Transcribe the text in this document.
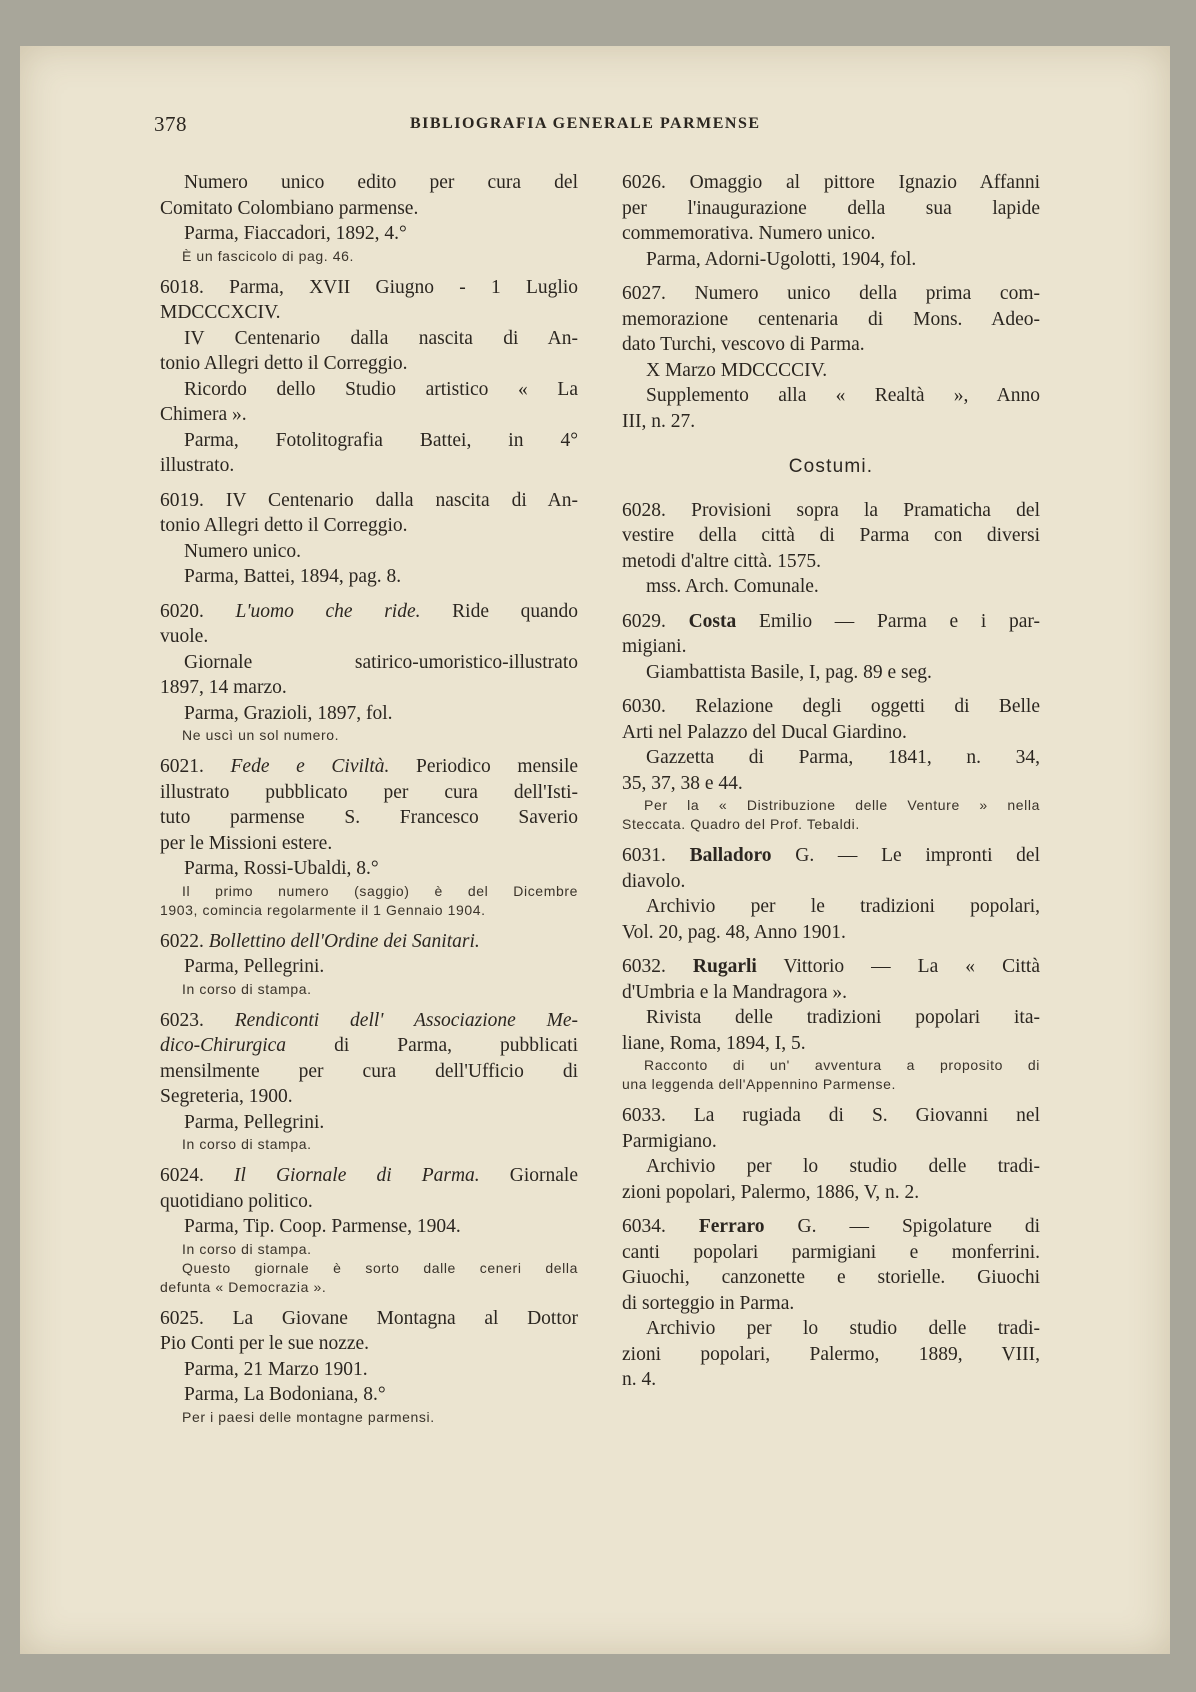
378	BIBLIOGRAFIA GENERALE PARMENSE
Numero unico edito per cura del
Comitato Colombiano parmense.
Parma, Fiaccadori, 1892, 4.°
È un fascicolo di pag. 46.
6018. Parma, XVII Giugno - 1 Luglio
MDCCCXCIV.
IV Centenario dalla nascita di An-
tonio Allegri detto il Correggio.
Ricordo dello Studio artistico « La
Chimera ».
Parma, Fotolitografia Battei, in 4°
illustrato.
6019. IV Centenario dalla nascita di An-
tonio Allegri detto il Correggio.
Numero unico.
Parma, Battei, 1894, pag. 8.
6020. L'uomo che ride. Ride quando
vuole.
Giornale satirico-umoristico-illustrato
1897, 14 marzo.
Parma, Grazioli, 1897, fol.
Ne uscì un sol numero.
6021. Fede e Civiltà. Periodico mensile
illustrato pubblicato per cura dell'Isti-
tuto parmense S. Francesco Saverio
per le Missioni estere.
Parma, Rossi-Ubaldi, 8.°
Il primo numero (saggio) è del Dicembre
1903, comincia regolarmente il 1 Gennaio 1904.
6022. Bollettino dell'Ordine dei Sanitari.
Parma, Pellegrini.
In corso di stampa.
6023. Rendiconti dell' Associazione Me-
dico-Chirurgica di Parma, pubblicati
mensilmente per cura dell'Ufficio di
Segreteria, 1900.
Parma, Pellegrini.
In corso di stampa.
6024. Il Giornale di Parma. Giornale
quotidiano politico.
Parma, Tip. Coop. Parmense, 1904.
In corso di stampa.
Questo giornale è sorto dalle ceneri della
defunta « Democrazia ».
6025. La Giovane Montagna al Dottor
Pio Conti per le sue nozze.
Parma, 21 Marzo 1901.
Parma, La Bodoniana, 8.°
Per i paesi delle montagne parmensi.
6026. Omaggio al pittore Ignazio Affanni
per l'inaugurazione della sua lapide
commemorativa. Numero unico.
Parma, Adorni-Ugolotti, 1904, fol.
6027. Numero unico della prima com-
memorazione centenaria di Mons. Adeo-
dato Turchi, vescovo di Parma.
X Marzo MDCCCCIV.
Supplemento alla « Realtà », Anno
III, n. 27.
Costumi.
6028. Provisioni sopra la Pramaticha del
vestire della città di Parma con diversi
metodi d'altre città. 1575.
mss. Arch. Comunale.
6029. Costa Emilio — Parma e i par-
migiani.
Giambattista Basile, I, pag. 89 e seg.
6030. Relazione degli oggetti di Belle
Arti nel Palazzo del Ducal Giardino.
Gazzetta di Parma, 1841, n. 34,
35, 37, 38 e 44.
Per la « Distribuzione delle Venture » nella
Steccata. Quadro del Prof. Tebaldi.
6031. Balladoro G. — Le impronti del
diavolo.
Archivio per le tradizioni popolari,
Vol. 20, pag. 48, Anno 1901.
6032. Rugarli Vittorio — La « Città
d'Umbria e la Mandragora ».
Rivista delle tradizioni popolari ita-
liane, Roma, 1894, I, 5.
Racconto di un' avventura a proposito di
una leggenda dell'Appennino Parmense.
6033. La rugiada di S. Giovanni nel
Parmigiano.
Archivio per lo studio delle tradi-
zioni popolari, Palermo, 1886, V, n. 2.
6034. Ferraro G. — Spigolature di
canti popolari parmigiani e monferrini.
Giuochi, canzonette e storielle. Giuochi
di sorteggio in Parma.
Archivio per lo studio delle tradi-
zioni popolari, Palermo, 1889, VIII,
n. 4.
